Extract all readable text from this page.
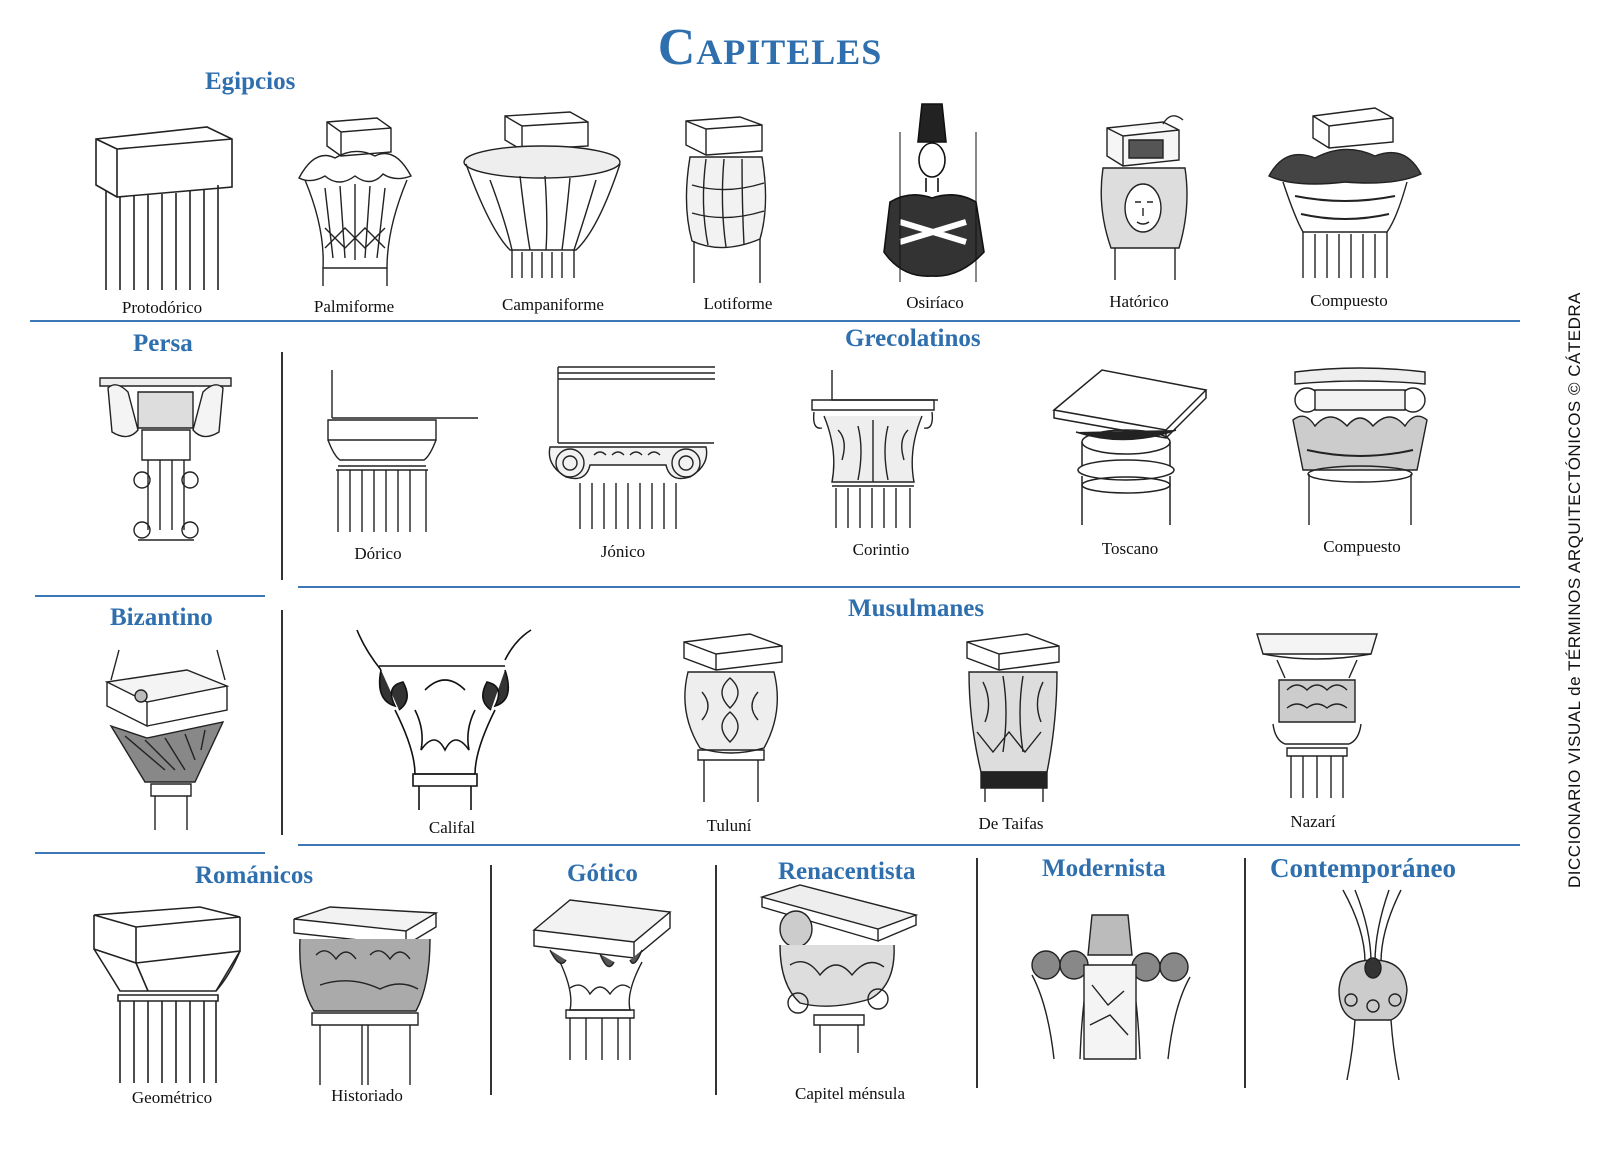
Capiteles
DICCIONARIO VISUAL de TÉRMINOS ARQUITECTÓNICOS © CÁTEDRA
Egipcios
Persa	Grecolatinos
Bizantino	Musulmanes
Románicos	Gótico	Renacentista	Modernista	Contemporáneo
Protodórico	Palmiforme	Campaniforme	Lotiforme	Osiríaco	Hatórico	Compuesto
Dórico	Jónico	Corintio	Toscano	Compuesto
Califal	Tuluní	De Taifas	Nazarí
Geométrico	Historiado	Capitel ménsula
